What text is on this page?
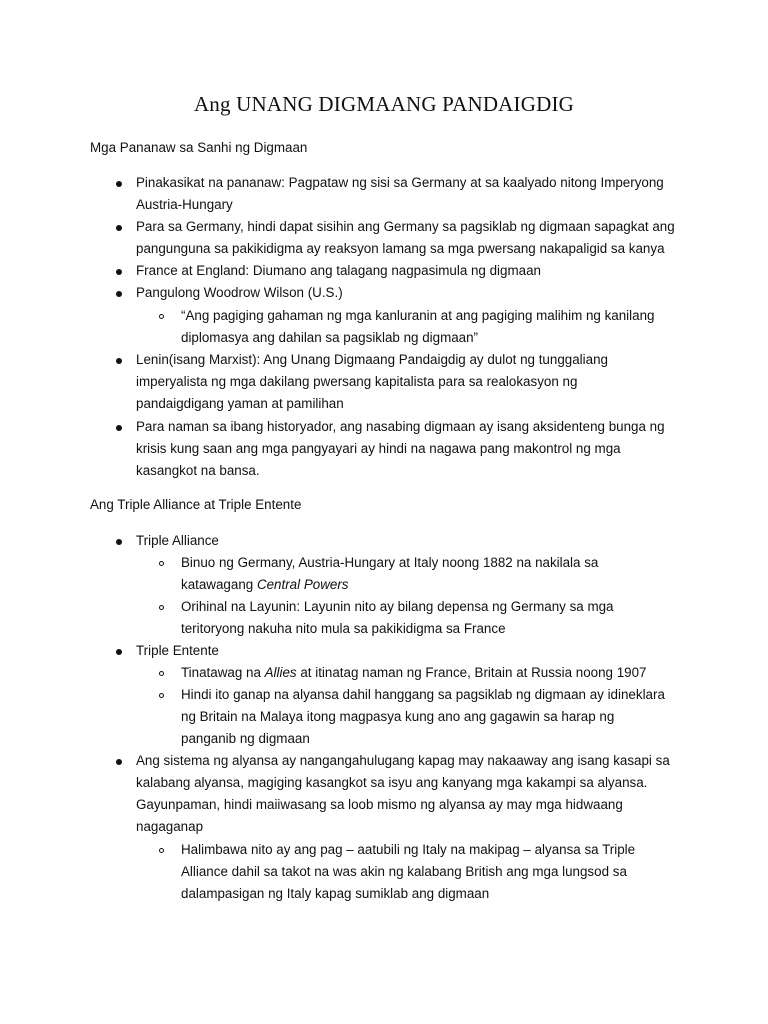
Ang UNANG DIGMAANG PANDAIGDIG
Mga Pananaw sa Sanhi ng Digmaan
Pinakasikat na pananaw: Pagpataw ng sisi sa Germany at sa kaalyado nitong Imperyong
Austria-Hungary
Para sa Germany, hindi dapat sisihin ang Germany sa pagsiklab ng digmaan sapagkat ang
pangunguna sa pakikidigma ay reaksyon lamang sa mga pwersang nakapaligid sa kanya
France at England: Diumano ang talagang nagpasimula ng digmaan
Pangulong Woodrow Wilson (U.S.)
“Ang pagiging gahaman ng mga kanluranin at ang pagiging malihim ng kanilang
diplomasya ang dahilan sa pagsiklab ng digmaan”
Lenin(isang Marxist): Ang Unang Digmaang Pandaigdig ay dulot ng tunggaliang
imperyalista ng mga dakilang pwersang kapitalista para sa realokasyon ng
pandaigdigang yaman at pamilihan
Para naman sa ibang historyador, ang nasabing digmaan ay isang aksidenteng bunga ng
krisis kung saan ang mga pangyayari ay hindi na nagawa pang makontrol ng mga
kasangkot na bansa.
Ang Triple Alliance at Triple Entente
Triple Alliance
Binuo ng Germany, Austria-Hungary at Italy noong 1882 na nakilala sa
katawagang Central Powers
Orihinal na Layunin: Layunin nito ay bilang depensa ng Germany sa mga
teritoryong nakuha nito mula sa pakikidigma sa France
Triple Entente
Tinatawag na Allies at itinatag naman ng France, Britain at Russia noong 1907
Hindi ito ganap na alyansa dahil hanggang sa pagsiklab ng digmaan ay idineklara
ng Britain na Malaya itong magpasya kung ano ang gagawin sa harap ng
panganib ng digmaan
Ang sistema ng alyansa ay nangangahulugang kapag may nakaaway ang isang kasapi sa
kalabang alyansa, magiging kasangkot sa isyu ang kanyang mga kakampi sa alyansa.
Gayunpaman, hindi maiiwasang sa loob mismo ng alyansa ay may mga hidwaang
nagaganap
Halimbawa nito ay ang pag – aatubili ng Italy na makipag – alyansa sa Triple
Alliance dahil sa takot na was akin ng kalabang British ang mga lungsod sa
dalampasigan ng Italy kapag sumiklab ang digmaan
